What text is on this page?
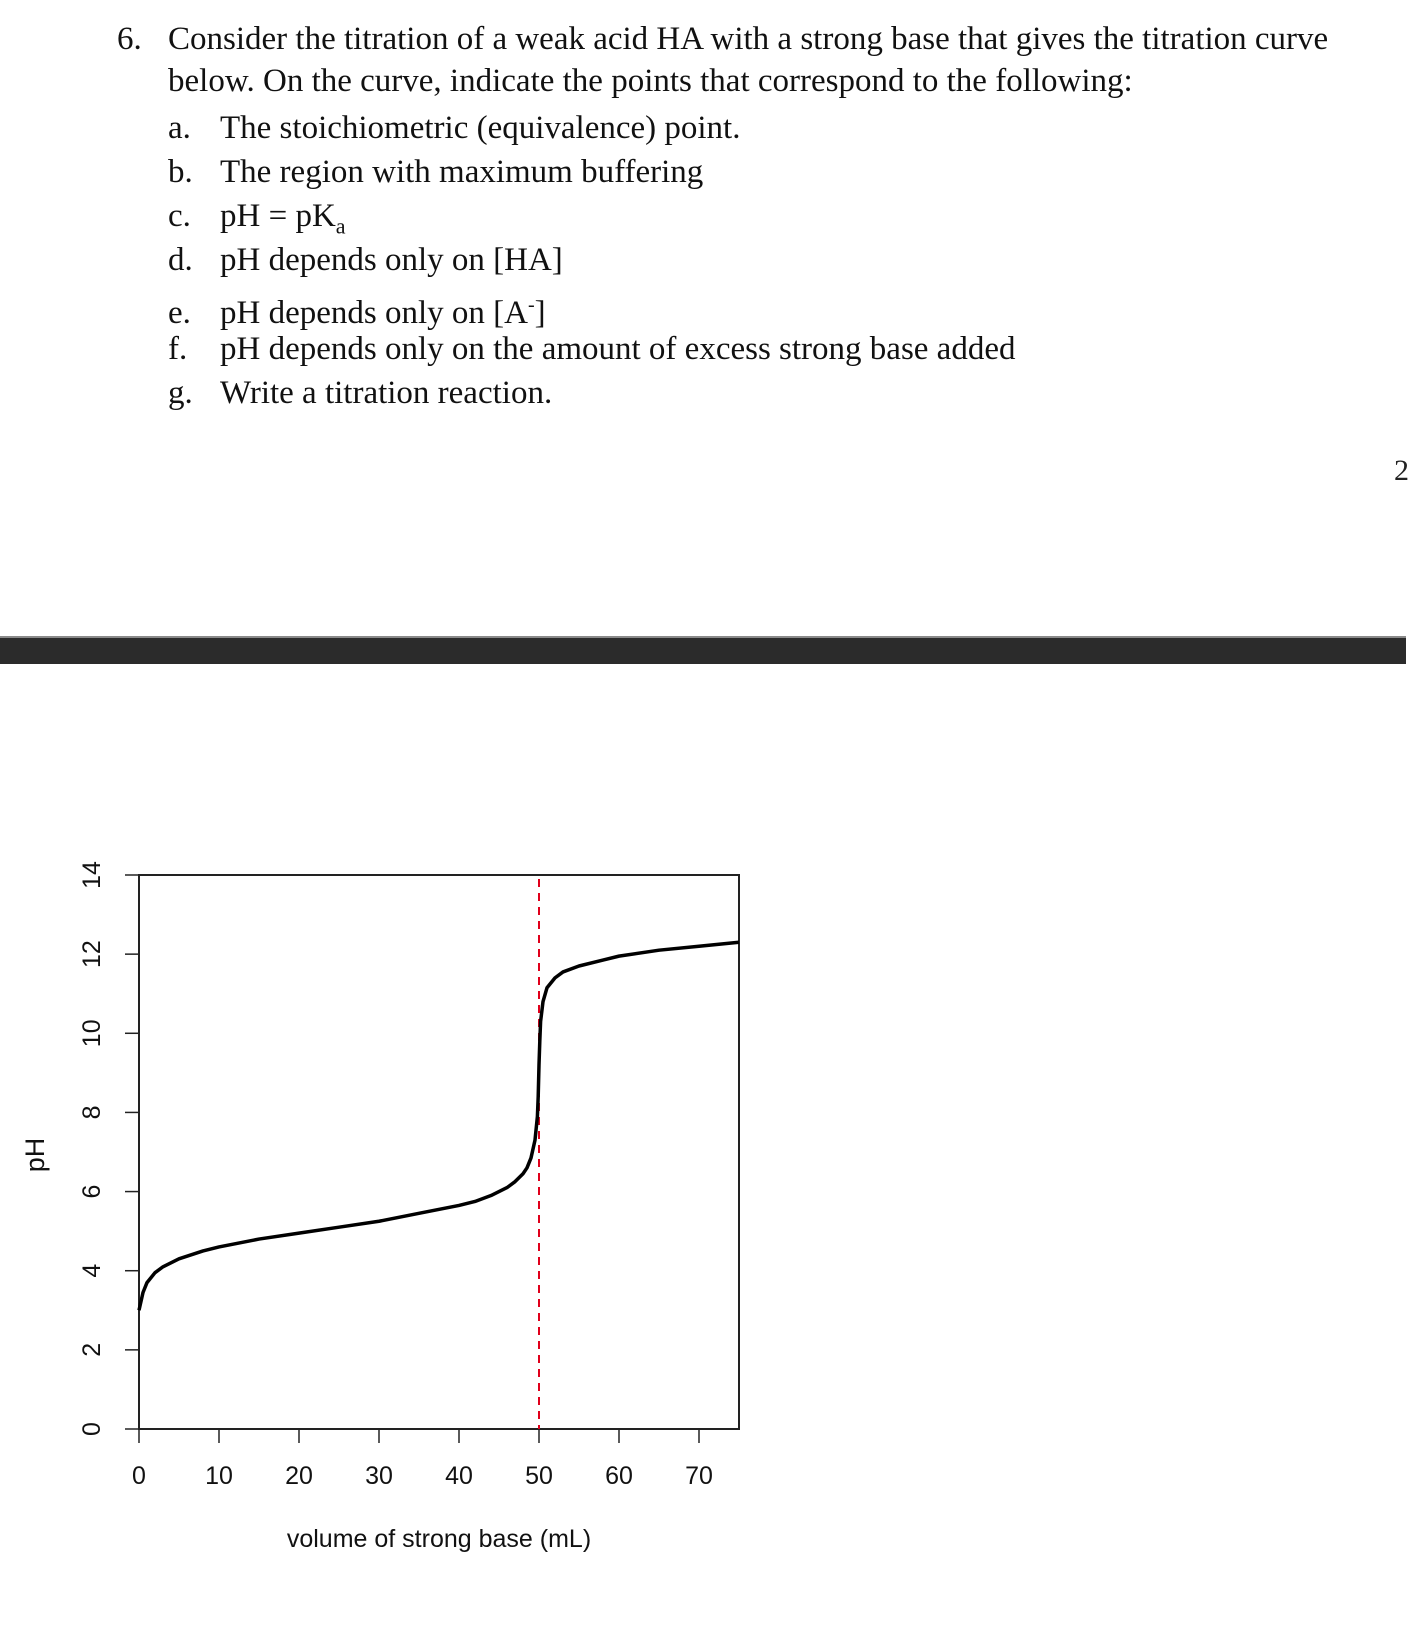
6. Consider the titration of a weak acid HA with a strong base that gives the titration curve
below. On the curve, indicate the points that correspond to the following:
a. The stoichiometric (equivalence) point.
b. The region with maximum buffering
c. pH = $pK_a$
d. pH depends only on [HA]
e. pH depends only on [A-]
f. pH depends only on the amount of excess strong base added
g. Write a titration reaction.
2
0 10 20 30 40 50 60 70
0
2
4
6
8
10
12
14
volume of strong base (mL)
pH
